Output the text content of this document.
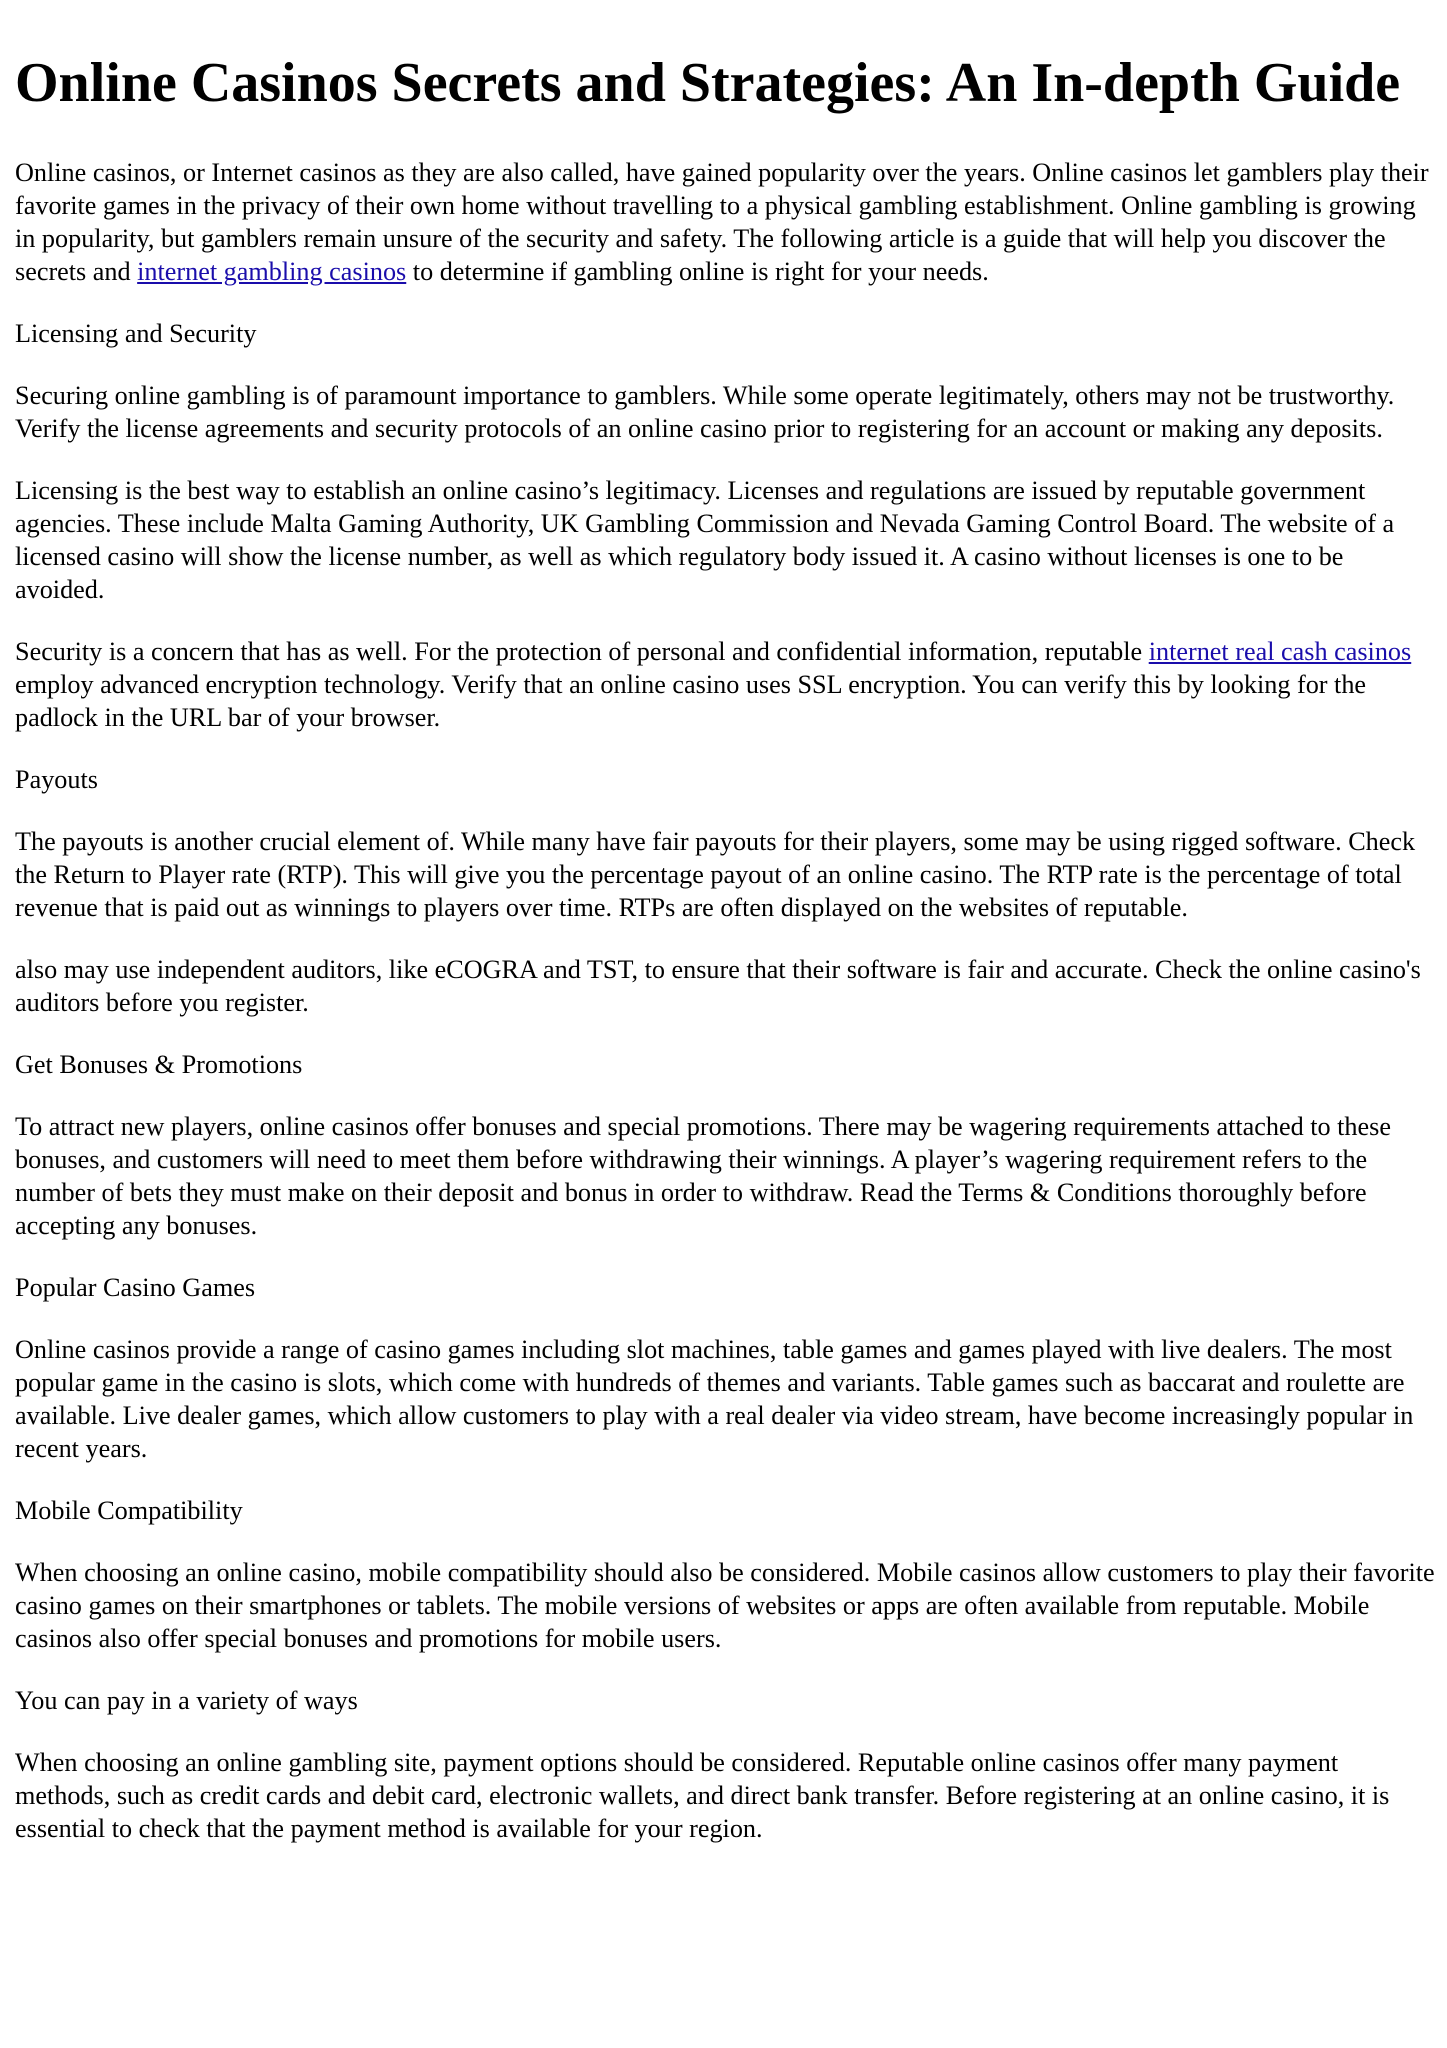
Online Casinos Secrets and Strategies: An In-depth Guide

Online casinos, or Internet casinos as they are also called, have gained popularity over the years. Online casinos let gamblers play their favorite games in the privacy of their own home without travelling to a physical gambling establishment. Online gambling is growing in popularity, but gamblers remain unsure of the security and safety. The following article is a guide that will help you discover the secrets and internet gambling casinos to determine if gambling online is right for your needs.

Licensing and Security

Securing online gambling is of paramount importance to gamblers. While some operate legitimately, others may not be trustworthy. Verify the license agreements and security protocols of an online casino prior to registering for an account or making any deposits.

Licensing is the best way to establish an online casino’s legitimacy. Licenses and regulations are issued by reputable government agencies. These include Malta Gaming Authority, UK Gambling Commission and Nevada Gaming Control Board. The website of a licensed casino will show the license number, as well as which regulatory body issued it. A casino without licenses is one to be avoided.

Security is a concern that has as well. For the protection of personal and confidential information, reputable internet real cash casinos employ advanced encryption technology. Verify that an online casino uses SSL encryption. You can verify this by looking for the padlock in the URL bar of your browser.

Payouts

The payouts is another crucial element of. While many have fair payouts for their players, some may be using rigged software. Check the Return to Player rate (RTP). This will give you the percentage payout of an online casino. The RTP rate is the percentage of total revenue that is paid out as winnings to players over time. RTPs are often displayed on the websites of reputable.

also may use independent auditors, like eCOGRA and TST, to ensure that their software is fair and accurate. Check the online casino's auditors before you register.

Get Bonuses & Promotions

To attract new players, online casinos offer bonuses and special promotions. There may be wagering requirements attached to these bonuses, and customers will need to meet them before withdrawing their winnings. A player’s wagering requirement refers to the number of bets they must make on their deposit and bonus in order to withdraw. Read the Terms & Conditions thoroughly before accepting any bonuses.

Popular Casino Games

Online casinos provide a range of casino games including slot machines, table games and games played with live dealers. The most popular game in the casino is slots, which come with hundreds of themes and variants. Table games such as baccarat and roulette are available. Live dealer games, which allow customers to play with a real dealer via video stream, have become increasingly popular in recent years.

Mobile Compatibility

When choosing an online casino, mobile compatibility should also be considered. Mobile casinos allow customers to play their favorite casino games on their smartphones or tablets. The mobile versions of websites or apps are often available from reputable. Mobile casinos also offer special bonuses and promotions for mobile users.

You can pay in a variety of ways

When choosing an online gambling site, payment options should be considered. Reputable online casinos offer many payment methods, such as credit cards and debit card, electronic wallets, and direct bank transfer. Before registering at an online casino, it is essential to check that the payment method is available for your region.
